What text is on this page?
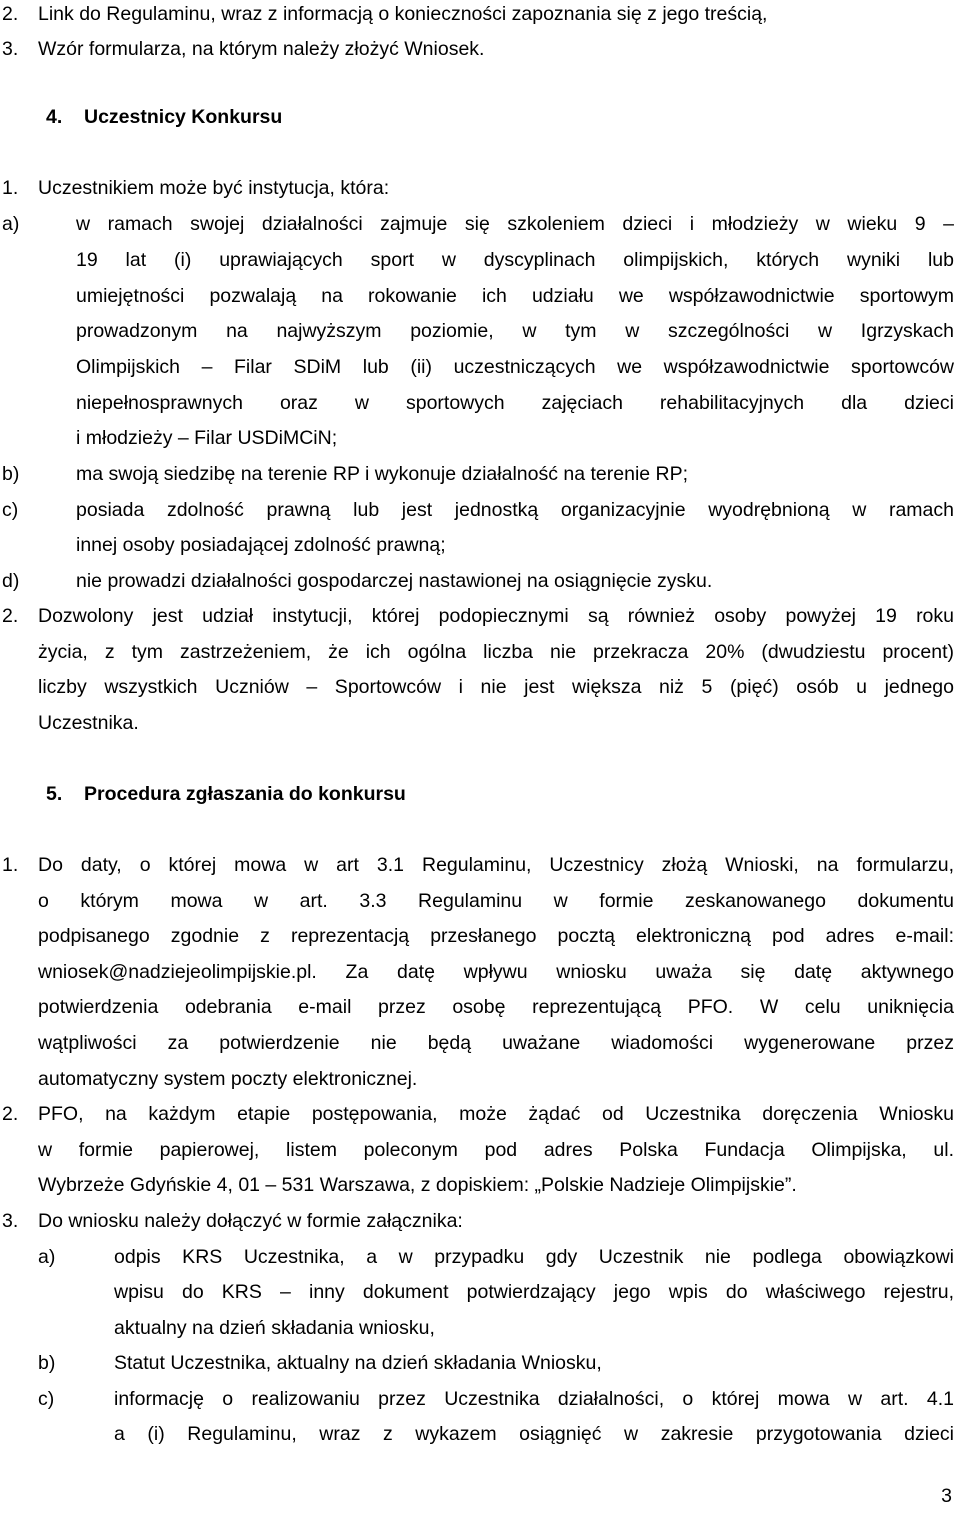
2. Link do Regulaminu, wraz z informacją o konieczności zapoznania się z jego treścią,
3. Wzór formularza, na którym należy złożyć Wniosek.
4. Uczestnicy Konkursu
1. Uczestnikiem może być instytucja, która:
a)	w ramach swojej działalności zajmuje się szkoleniem dzieci i młodzieży w wieku 9 –
19 lat (i) uprawiających sport w dyscyplinach olimpijskich, których wyniki lub
umiejętności pozwalają na rokowanie ich udziału we współzawodnictwie sportowym
prowadzonym na najwyższym poziomie, w tym w szczególności w Igrzyskach
Olimpijskich – Filar SDiM lub (ii) uczestniczących we współzawodnictwie sportowców
niepełnosprawnych oraz w sportowych zajęciach rehabilitacyjnych dla dzieci
i młodzieży – Filar USDiMCiN;
b)	ma swoją siedzibę na terenie RP i wykonuje działalność na terenie RP;
c)	posiada zdolność prawną lub jest jednostką organizacyjnie wyodrębnioną w ramach
innej osoby posiadającej zdolność prawną;
d)	nie prowadzi działalności gospodarczej nastawionej na osiągnięcie zysku.
2. Dozwolony jest udział instytucji, której podopiecznymi są również osoby powyżej 19 roku
życia, z tym zastrzeżeniem, że ich ogólna liczba nie przekracza 20% (dwudziestu procent)
liczby wszystkich Uczniów – Sportowców i nie jest większa niż 5 (pięć) osób u jednego
Uczestnika.
5. Procedura zgłaszania do konkursu
1. Do daty, o której mowa w art 3.1 Regulaminu, Uczestnicy złożą Wnioski, na formularzu,
o którym mowa w art. 3.3 Regulaminu w formie zeskanowanego dokumentu
podpisanego zgodnie z reprezentacją przesłanego pocztą elektroniczną pod adres e-mail:
wniosek@nadziejeolimpijskie.pl. Za datę wpływu wniosku uważa się datę aktywnego
potwierdzenia odebrania e-mail przez osobę reprezentującą PFO. W celu uniknięcia
wątpliwości za potwierdzenie nie będą uważane wiadomości wygenerowane przez
automatyczny system poczty elektronicznej.
2. PFO, na każdym etapie postępowania, może żądać od Uczestnika doręczenia Wniosku
w formie papierowej, listem poleconym pod adres Polska Fundacja Olimpijska, ul.
Wybrzeże Gdyńskie 4, 01 – 531 Warszawa, z dopiskiem: „Polskie Nadzieje Olimpijskie”.
3. Do wniosku należy dołączyć w formie załącznika:
a)	odpis KRS Uczestnika, a w przypadku gdy Uczestnik nie podlega obowiązkowi
wpisu do KRS – inny dokument potwierdzający jego wpis do właściwego rejestru,
aktualny na dzień składania wniosku,
b)	Statut Uczestnika, aktualny na dzień składania Wniosku,
c)	informację o realizowaniu przez Uczestnika działalności, o której mowa w art. 4.1
a (i) Regulaminu, wraz z wykazem osiągnięć w zakresie przygotowania dzieci
3
